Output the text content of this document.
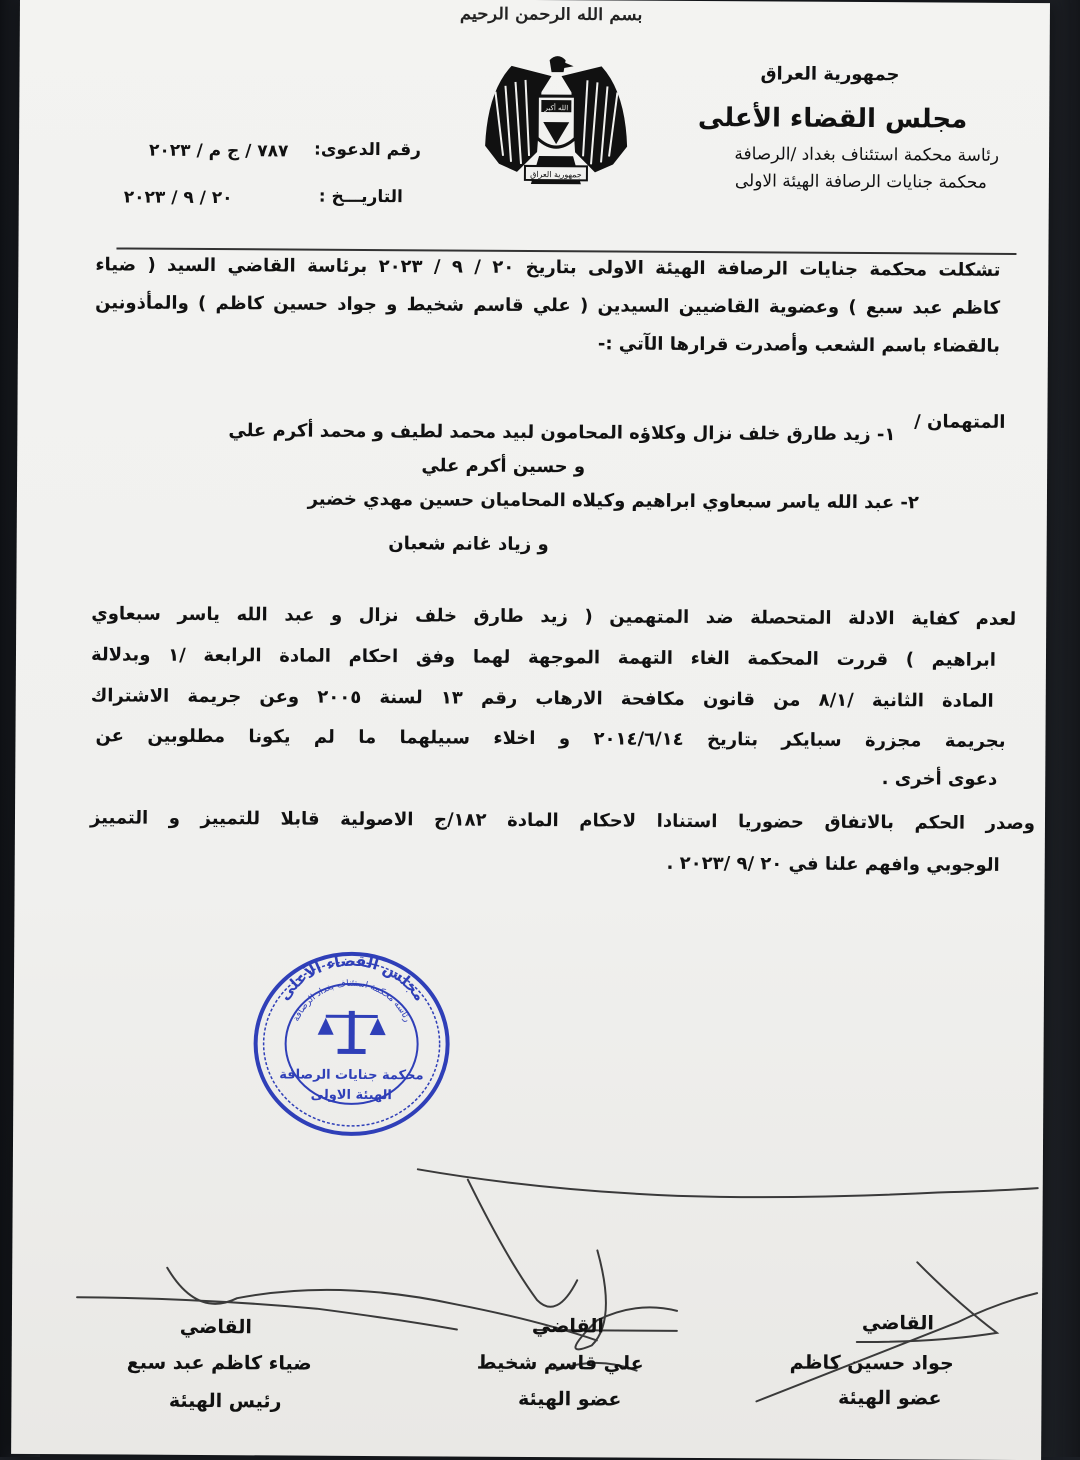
بسم الله الرحمن الرحيم
جمهورية العراق
مجلس القضاء الأعلى
رئاسة محكمة استئناف بغداد /الرصافة
محكمة جنايات الرصافة الهيئة الاولى
الله أكبر
جمهورية العراق
رقم الدعوى:
٧٨٧ / ج م / ٢٠٢٣
التاريـــخ :
٢٠ / ٩ / ٢٠٢٣
تشكلت محكمة جنايات الرصافة الهيئة الاولى بتاريخ ٢٠ / ٩ / ٢٠٢٣ برئاسة القاضي السيد ( ضياء
كاظم عبد سبع ) وعضوية القاضيين السيدين ( علي قاسم شخيط و جواد حسين كاظم ) والمأذونين
بالقضاء باسم الشعب وأصدرت قرارها الآتي :-
المتهمان /
١- زيد طارق خلف نزال وكلاؤه المحامون لبيد محمد لطيف و محمد أكرم علي
و حسين أكرم علي
٢- عبد الله ياسر سبعاوي ابراهيم وكيلاه المحاميان حسين مهدي خضير
و زياد غانم شعبان
لعدم كفاية الادلة المتحصلة ضد المتهمين ( زيد طارق خلف نزال و عبد الله ياسر سبعاوي
ابراهيم ) قررت المحكمة الغاء التهمة الموجهة لهما وفق احكام المادة الرابعة /١ وبدلالة
المادة الثانية /٨/١ من قانون مكافحة الارهاب رقم ١٣ لسنة ٢٠٠٥ وعن جريمة الاشتراك
بجريمة مجزرة سبايكر بتاريخ ٢٠١٤/٦/١٤ و اخلاء سبيلهما ما لم يكونا مطلوبين عن
دعوى أخرى .
وصدر الحكم بالاتفاق حضوريا استنادا لاحكام المادة ١٨٢/ج الاصولية قابلا للتمييز و التمييز
الوجوبي وافهم علنا في ٢٠ /٩ /٢٠٢٣ .
مجلس القضاء الأعلى
رئاسة محكمة استئناف بغداد الرصافة
محكمة جنايات الرصافة
الهيئة الاولى
القاضي
جواد حسين كاظم
عضو الهيئة
القاضي
علي قاسم شخيط
عضو الهيئة
القاضي
ضياء كاظم عبد سبع
رئيس الهيئة
